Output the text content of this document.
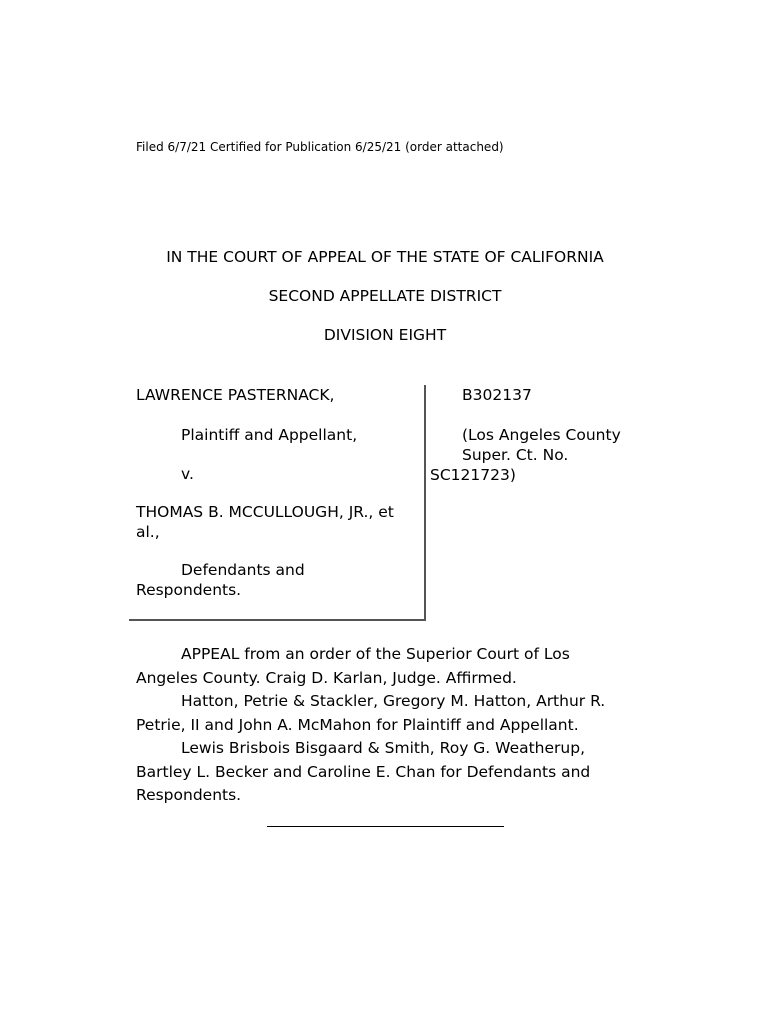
Filed 6/7/21 Certified for Publication 6/25/21 (order attached)
IN THE COURT OF APPEAL OF THE STATE OF CALIFORNIA
SECOND APPELLATE DISTRICT
DIVISION EIGHT

LAWRENCE PASTERNACK,

Plaintiff and Appellant,

v.

THOMAS B. MCCULLOUGH, JR., et al.,

Defendants and Respondents.

B302137
(Los Angeles County
Super. Ct. No.
SC121723)

APPEAL from an order of the Superior Court of Los Angeles County. Craig D. Karlan, Judge. Affirmed.

Hatton, Petrie & Stackler, Gregory M. Hatton, Arthur R. Petrie, II and John A. McMahon for Plaintiff and Appellant.

Lewis Brisbois Bisgaard & Smith, Roy G. Weatherup, Bartley L. Becker and Caroline E. Chan for Defendants and Respondents.
